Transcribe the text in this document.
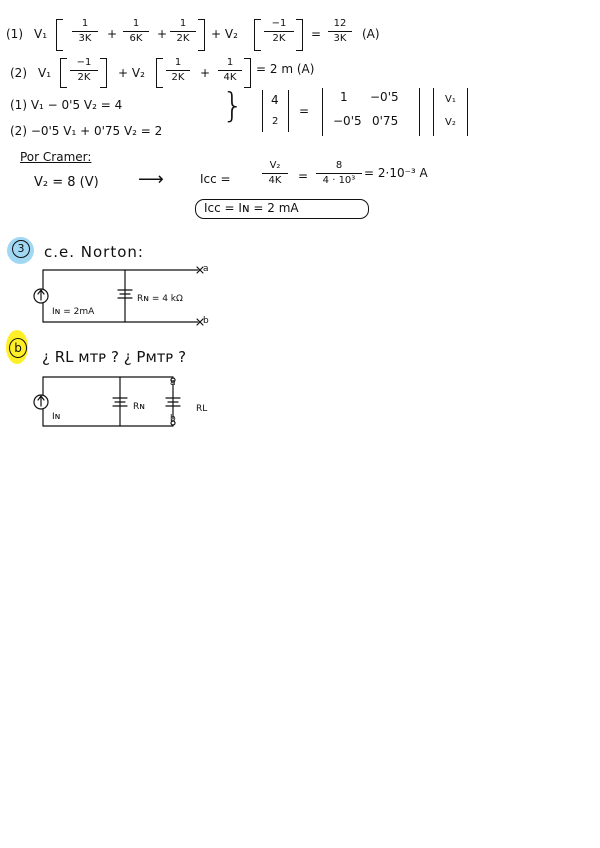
(1) V₁
1
3K	+
1
6K	+
1
2K	+ V₂
−1
2K	=
12
3K	(A)
(2) V₁
−1
2K	+ V₂
1
2K	+
1
4K
= 2 m (A)
(1) V₁ − 0'5 V₂ = 4
(2) −0'5 V₁ + 0'75 V₂ = 2
} 4
2
=
1 −0'5
−0'5 0'75
V₁
V₂
Por Cramer:
V₂ = 8 (V) ⟶	Iᴄᴄ =
V₂
4K	=
8
4 · 10³
= 2·10⁻³ A
Iᴄᴄ = Iɴ = 2 mA
3	c.e. Norton:
Iɴ = 2mA
Rɴ = 4 kΩ
a
b
b	¿ RL ᴍᴛᴘ ? ¿ Pᴍᴛᴘ ?
Iɴ
Rɴ	RL
a
b
